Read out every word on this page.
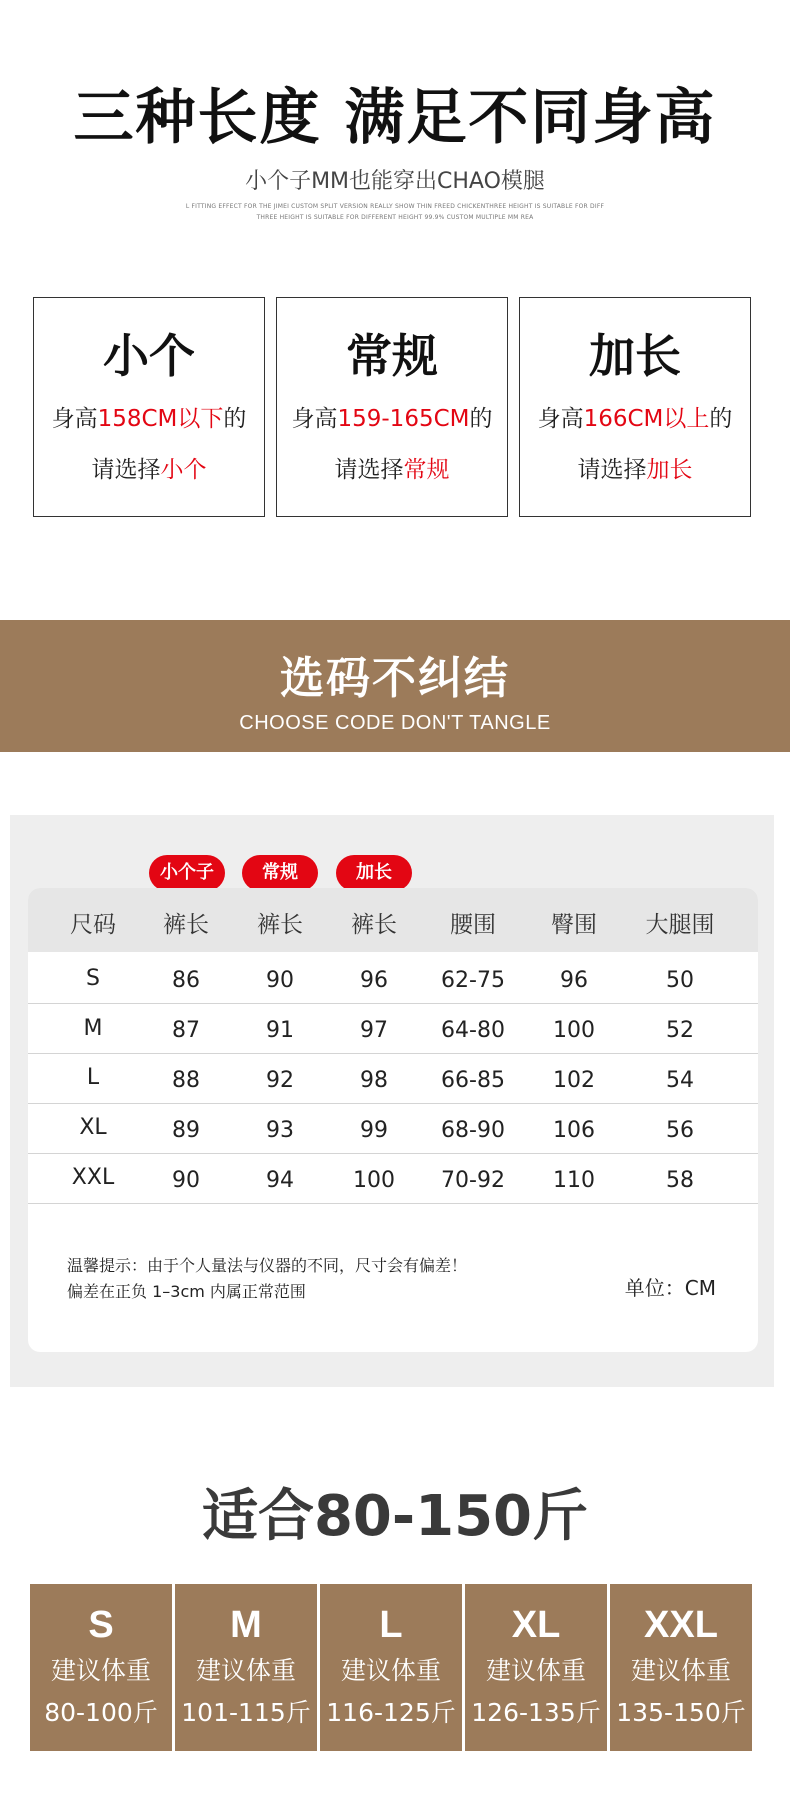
三种长度 满足不同身高
小个子MM也能穿出CHAO模腿
L FITTING EFFECT FOR THE JIMEI CUSTOM SPLIT VERSION REALLY SHOW THIN FREED CHICKENTHREE HEIGHT IS SUITABLE FOR DIFF
THREE HEIGHT IS SUITABLE FOR DIFFERENT HEIGHT 99.9% CUSTOM MULTIPLE MM REA
小个
身高158CM以下的
请选择小个
常规
身高159-165CM的
请选择常规
加长
身高166CM以上的
请选择加长
选码不纠结
CHOOSE CODE DON'T TANGLE
小个子	常规	加长
尺码 裤长 裤长 裤长 腰围 臀围 大腿围
S	86	90	96 62-75	96	50
M	87	91	97 64-80 100	52
L	88	92	98 66-85 102	54
XL	89	93	99 68-90 106	56
XXL	90	94	100 70-92 110	58
温馨提示：由于个人量法与仪器的不同，尺寸会有偏差！
偏差在正负 1–3cm 内属正常范围	单位：CM
适合80-150斤
S
建议体重
80-100斤
M
建议体重
101-115斤
L
建议体重
116-125斤
XL
建议体重
126-135斤
XXL
建议体重
135-150斤
